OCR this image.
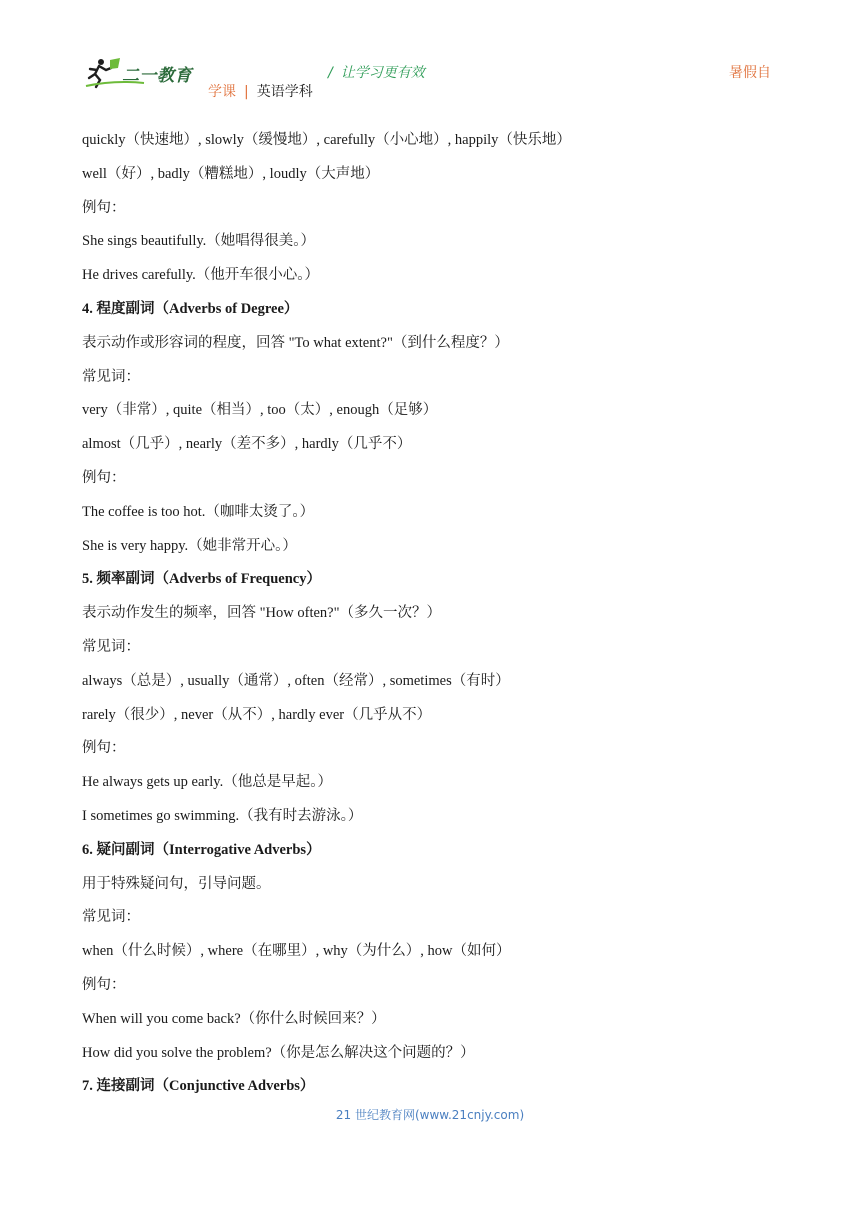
二一教育	/ 让学习更有效
学课 | 英语学科
暑假自
quickly（快速地）, slowly（缓慢地）, carefully（小心地）, happily（快乐地）
well（好）, badly（糟糕地）, loudly（大声地）
例句：
She sings beautifully.（她唱得很美。）
He drives carefully.（他开车很小心。）
4. 程度副词（Adverbs of Degree）
表示动作或形容词的程度，回答 "To what extent?"（到什么程度？）
常见词：
very（非常）, quite（相当）, too（太）, enough（足够）
almost（几乎）, nearly（差不多）, hardly（几乎不）
例句：
The coffee is too hot.（咖啡太烫了。）
She is very happy.（她非常开心。）
5. 频率副词（Adverbs of Frequency）
表示动作发生的频率，回答 "How often?"（多久一次？）
常见词：
always（总是）, usually（通常）, often（经常）, sometimes（有时）
rarely（很少）, never（从不）, hardly ever（几乎从不）
例句：
He always gets up early.（他总是早起。）
I sometimes go swimming.（我有时去游泳。）
6. 疑问副词（Interrogative Adverbs）
用于特殊疑问句，引导问题。
常见词：
when（什么时候）, where（在哪里）, why（为什么）, how（如何）
例句：
When will you come back?（你什么时候回来？）
How did you solve the problem?（你是怎么解决这个问题的？）
7. 连接副词（Conjunctive Adverbs）
21 世纪教育网(www.21cnjy.com)
